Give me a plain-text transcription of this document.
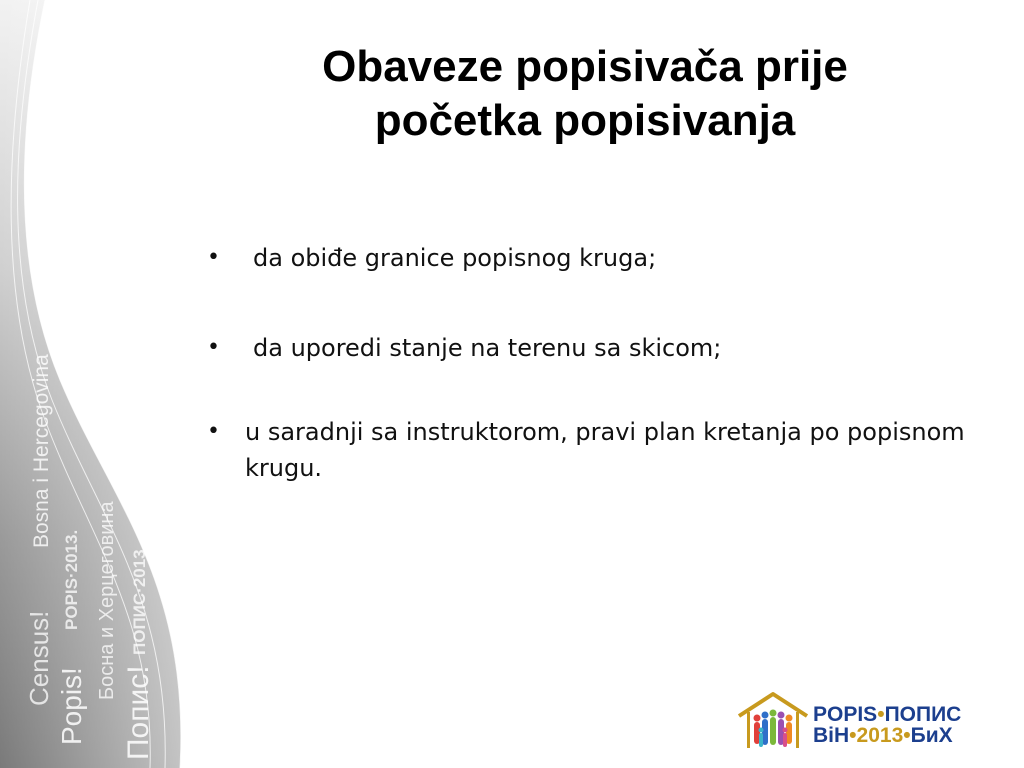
Census!
Bosna i Hercegovina
Popis!
POPIS·2013.
Попис!
Босна и Херцеговина ПОПИС·2013.
Obaveze popisivača prije
početka popisivanja
• da obiđe granice popisnog kruga;
• da uporedi stanje na terenu sa skicom;
• u saradnji sa instruktorom, pravi plan kretanja po popisnom krugu.
POPIS•ПОПИС
BiH•2013•БиХ
